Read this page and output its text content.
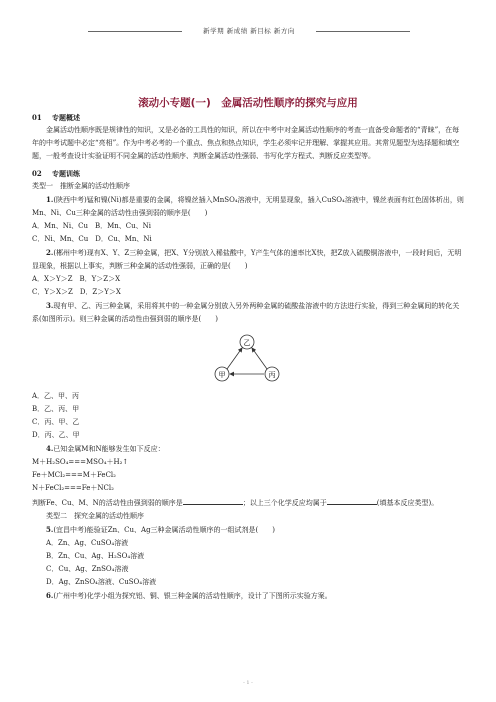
新学期 新成绩 新目标 新方向
滚动小专题(一)　金属活动性顺序的探究与应用

01 专题概述

金属活动性顺序既是规律性的知识，又是必备的工具性的知识，所以在中考中对金属活动性顺序的考查一直备受命题者的“青睐”，在每年的中考试题中必定“亮相”。作为中考必考的一个重点、焦点和热点知识，学生必须牢记并理解、掌握其应用。其常见题型为选择题和填空题，一般考查设计实验证明不同金属的活动性顺序、判断金属活动性强弱、书写化学方程式、判断反应类型等。

02 专题训练

类型一　推断金属的活动性顺序

1.(陕西中考)锰和镍(Ni)都是重要的金属，将镍丝插入MnSO₄溶液中，无明显现象，插入CuSO₄溶液中，镍丝表面有红色固体析出，则Mn、Ni、Cu三种金属的活动性由强到弱的顺序是(　　)

A．Mn、Ni、Cu　B．Mn、Cu、Ni

C．Ni、Mn、Cu　D．Cu、Mn、Ni

2.(郴州中考)现有X、Y、Z三种金属，把X、Y分别放入稀盐酸中，Y产生气体的速率比X快，把Z放入硫酸铜溶液中，一段时间后，无明显现象，根据以上事实，判断三种金属的活动性强弱，正确的是(　　)

A．X＞Y＞Z　B．Y＞Z＞X

C．Y＞X＞Z　D．Z＞Y＞X

3.现有甲、乙、丙三种金属，采用将其中的一种金属分别放入另外两种金属的硫酸盐溶液中的方法进行实验，得到三种金属间的转化关系(如图所示)。则三种金属的活动性由强到弱的顺序是(　　)

乙
甲	丙

A．乙、甲、丙

B．乙、丙、甲

C．丙、甲、乙

D．丙、乙、甲

4.已知金属M和N能够发生如下反应：

M＋H₂SO₄===MSO₄＋H₂↑

Fe＋MCl₂===M＋FeCl₂

N＋FeCl₂===Fe＋NCl₂

判断Fe、Cu、M、N的活动性由强到弱的顺序是	；以上三个化学反应均属于	(填基本反应类型)。

类型二　探究金属的活动性顺序

5.(宜昌中考)能验证Zn、Cu、Ag三种金属活动性顺序的一组试剂是(　　)

A．Zn、Ag、CuSO₄溶液

B．Zn、Cu、Ag、H₂SO₄溶液

C．Cu、Ag、ZnSO₄溶液

D．Ag、ZnSO₄溶液、CuSO₄溶液

6.(广州中考)化学小组为探究铝、铜、银三种金属的活动性顺序，设计了下图所示实验方案。

- 1 -
